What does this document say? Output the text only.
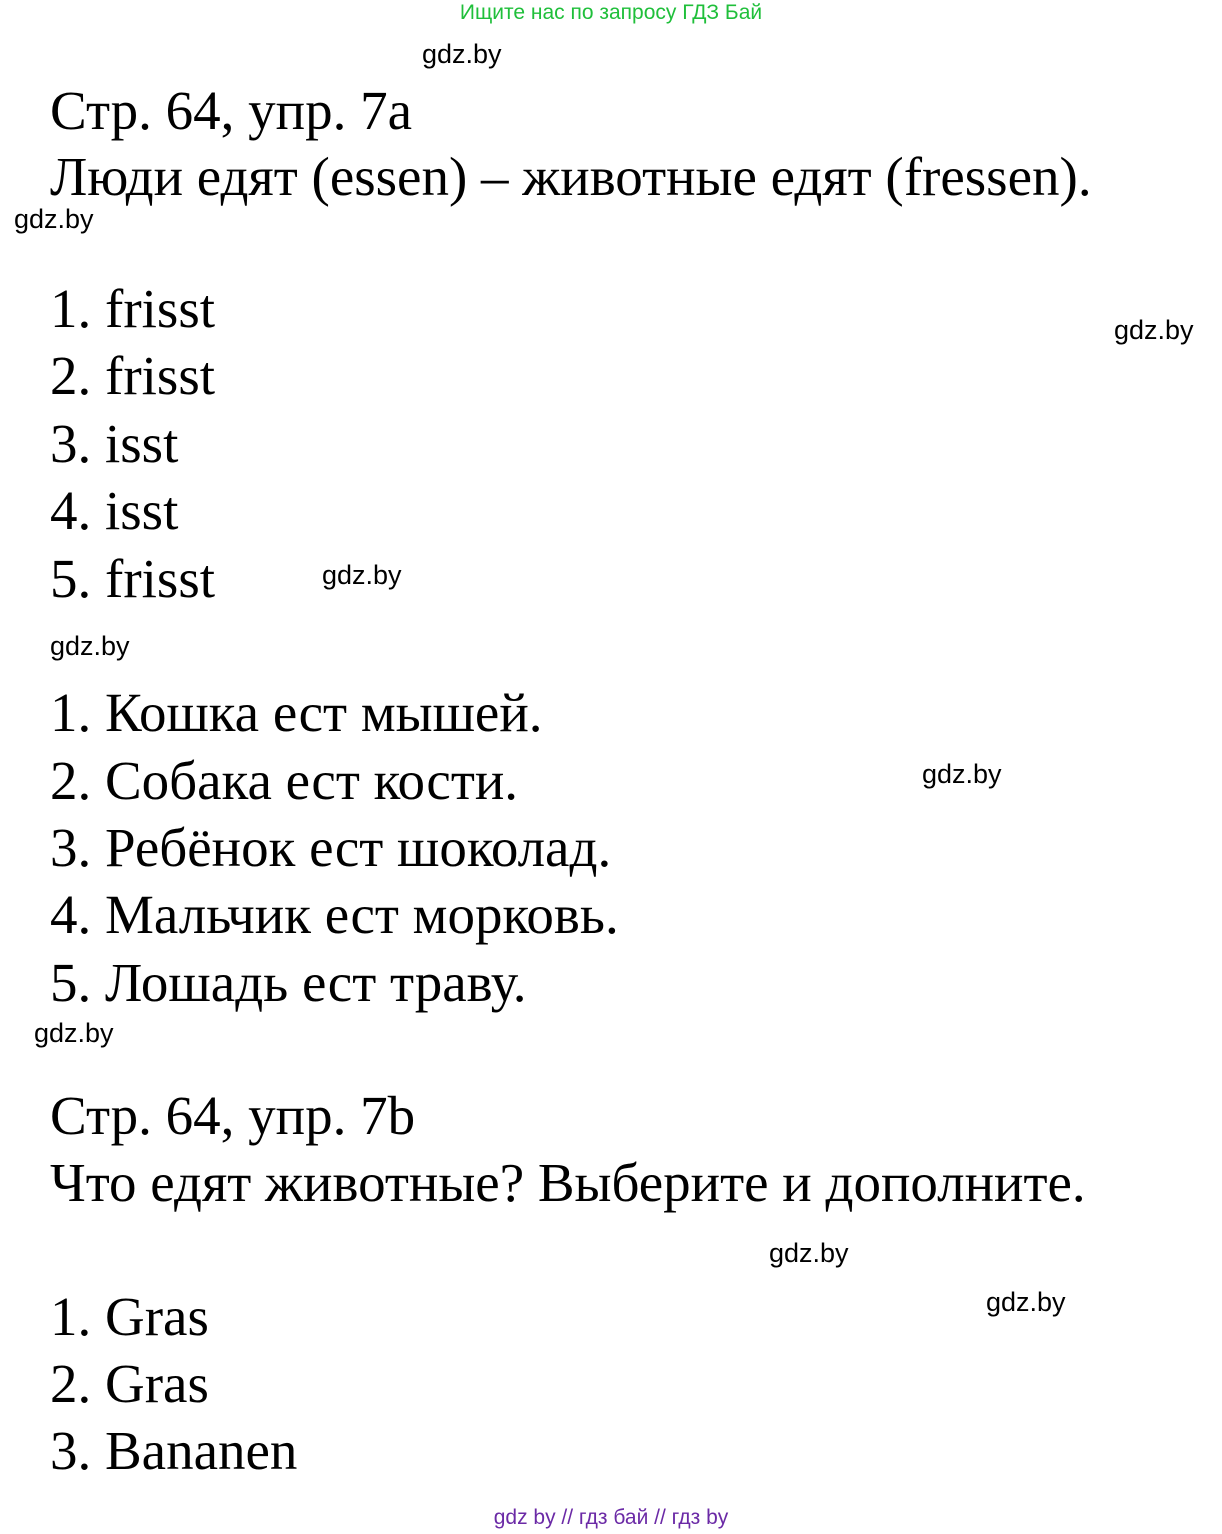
Ищите нас по запросу ГДЗ Бай
gdz.by
Стр. 64, упр. 7a
Люди едят (essen) – животные едят (fressen).
gdz.by
1. frisst
2. frisst
3. isst
4. isst
5. frisst
gdz.by
gdz.by
gdz.by
1. Кошка ест мышей.
2. Собака ест кости.
3. Ребёнок ест шоколад.
4. Мальчик ест морковь.
5. Лошадь ест траву.
gdz.by
gdz.by
Стр. 64, упр. 7b
Что едят животные? Выберите и дополните.
gdz.by
gdz.by
1. Gras
2. Gras
3. Bananen
gdz by // гдз бай // гдз by
